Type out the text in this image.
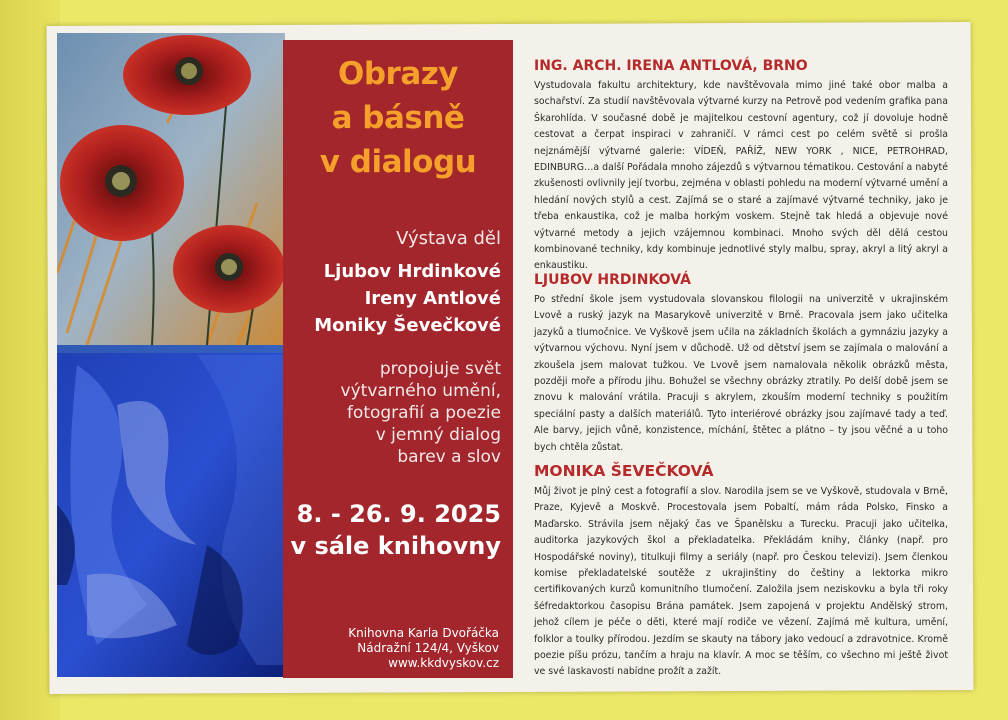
Obrazy
a básně
v dialogu
Výstava děl
Ljubov Hrdinkové
Ireny Antlové
Moniky Ševečkové
propojuje svět
výtvarného umění,
fotografií a poezie
v jemný dialog
barev a slov
8. - 26. 9. 2025
v sále knihovny
Knihovna Karla Dvořáčka
Nádražní 124/4, Vyškov
www.kkdvyskov.cz
ING. ARCH. IRENA ANTLOVÁ, BRNO

Vystudovala fakultu architektury, kde navštěvovala mimo jiné také obor malba a sochařství. Za studií navštěvovala výtvarné kurzy na Petrově pod vedením grafika pana Škarohlída. V současné době je majitelkou cestovní agentury, což jí dovoluje hodně cestovat a čerpat inspiraci v zahraničí. V rámci cest po celém světě si prošla nejznámější výtvarné galerie: VÍDEŇ, PAŘÍŽ, NEW YORK , NICE, PETROHRAD, EDINBURG…a další Pořádala mnoho zájezdů s výtvarnou tématikou. Cestování a nabyté zkušenosti ovlivnily její tvorbu, zejména v oblasti pohledu na moderní výtvarné umění a hledání nových stylů a cest. Zajímá se o staré a zajímavé výtvarné techniky, jako je třeba enkaustika, což je malba horkým voskem. Stejně tak hledá a objevuje nové výtvarné metody a jejich vzájemnou kombinaci. Mnoho svých děl dělá cestou kombinované techniky, kdy kombinuje jednotlivé styly malbu, spray, akryl a litý akryl a enkaustiku.

LJUBOV HRDINKOVÁ

Po střední škole jsem vystudovala slovanskou filologii na univerzitě v ukrajinském Lvově a ruský jazyk na Masarykově univerzitě v Brně. Pracovala jsem jako učitelka jazyků a tlumočnice. Ve Vyškově jsem učila na základních školách a gymnáziu jazyky a výtvarnou výchovu. Nyní jsem v důchodě. Už od dětství jsem se zajímala o malování a zkoušela jsem malovat tužkou. Ve Lvově jsem namalovala několik obrázků města, později moře a přírodu jihu. Bohužel se všechny obrázky ztratily. Po delší době jsem se znovu k malování vrátila. Pracuji s akrylem, zkouším moderní techniky s použitím speciální pasty a dalších materiálů. Tyto interiérové obrázky jsou zajímavé tady a teď. Ale barvy, jejich vůně, konzistence, míchání, štětec a plátno – ty jsou věčné a u toho bych chtěla zůstat.

MONIKA ŠEVEČKOVÁ

Můj život je plný cest a fotografií a slov. Narodila jsem se ve Vyškově, studovala v Brně, Praze, Kyjevě a Moskvě. Procestovala jsem Pobaltí, mám ráda Polsko, Finsko a Maďarsko. Strávila jsem nějaký čas ve Španělsku a Turecku. Pracuji jako učitelka, auditorka jazykových škol a překladatelka. Překládám knihy, články (např. pro Hospodářské noviny), titulkuji filmy a seriály (např. pro Českou televizi). Jsem členkou komise překladatelské soutěže z ukrajinštiny do češtiny a lektorka mikro certifikovaných kurzů komunitního tlumočení. Založila jsem neziskovku a byla tři roky šéfredaktorkou časopisu Brána památek. Jsem zapojená v projektu Andělský strom, jehož cílem je péče o děti, které mají rodiče ve vězení. Zajímá mě kultura, umění, folklor a toulky přírodou. Jezdím se skauty na tábory jako vedoucí a zdravotnice. Kromě poezie píšu prózu, tančím a hraju na klavír. A moc se těším, co všechno mi ještě život ve své laskavosti nabídne prožít a zažít.
